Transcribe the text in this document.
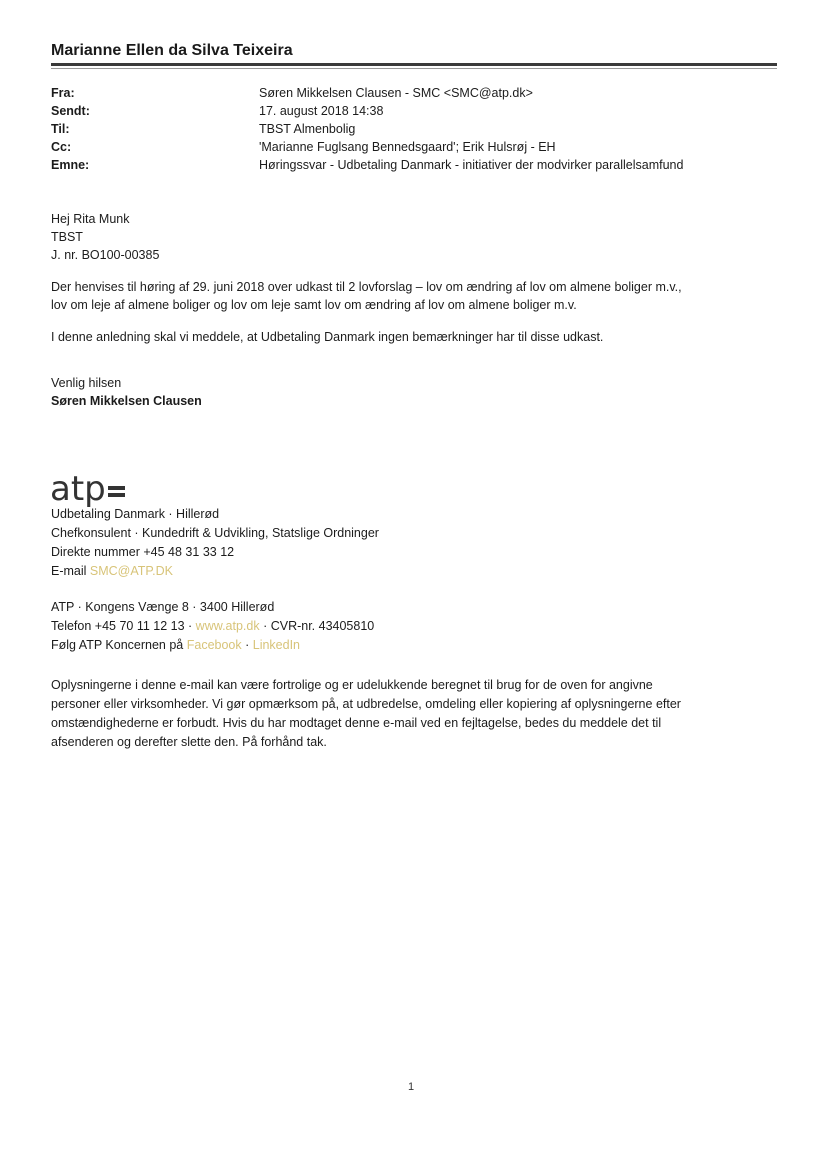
Marianne Ellen da Silva Teixeira
Fra:	Søren Mikkelsen Clausen - SMC <SMC@atp.dk>
Sendt:	17. august 2018 14:38
Til:	TBST Almenbolig
Cc:	'Marianne Fuglsang Bennedsgaard'; Erik Hulsrøj - EH
Emne:	Høringssvar - Udbetaling Danmark - initiativer der modvirker parallelsamfund

Hej Rita Munk

TBST

J. nr. BO100-00385

Der henvises til høring af 29. juni 2018 over udkast til 2 lovforslag – lov om ændring af lov om almene boliger m.v.,

lov om leje af almene boliger og lov om leje samt lov om ændring af lov om almene boliger m.v.

I denne anledning skal vi meddele, at Udbetaling Danmark ingen bemærkninger har til disse udkast.

Venlig hilsen

Søren Mikkelsen Clausen

atp

Udbetaling Danmark · Hillerød

Chefkonsulent · Kundedrift & Udvikling, Statslige Ordninger

Direkte nummer +45 48 31 33 12

E-mail SMC@ATP.DK

ATP · Kongens Vænge 8 · 3400 Hillerød

Telefon +45 70 11 12 13 · www.atp.dk · CVR-nr. 43405810

Følg ATP Koncernen på Facebook · LinkedIn

Oplysningerne i denne e-mail kan være fortrolige og er udelukkende beregnet til brug for de oven for angivne

personer eller virksomheder. Vi gør opmærksom på, at udbredelse, omdeling eller kopiering af oplysningerne efter

omstændighederne er forbudt. Hvis du har modtaget denne e-mail ved en fejltagelse, bedes du meddele det til

afsenderen og derefter slette den. På forhånd tak.

1
